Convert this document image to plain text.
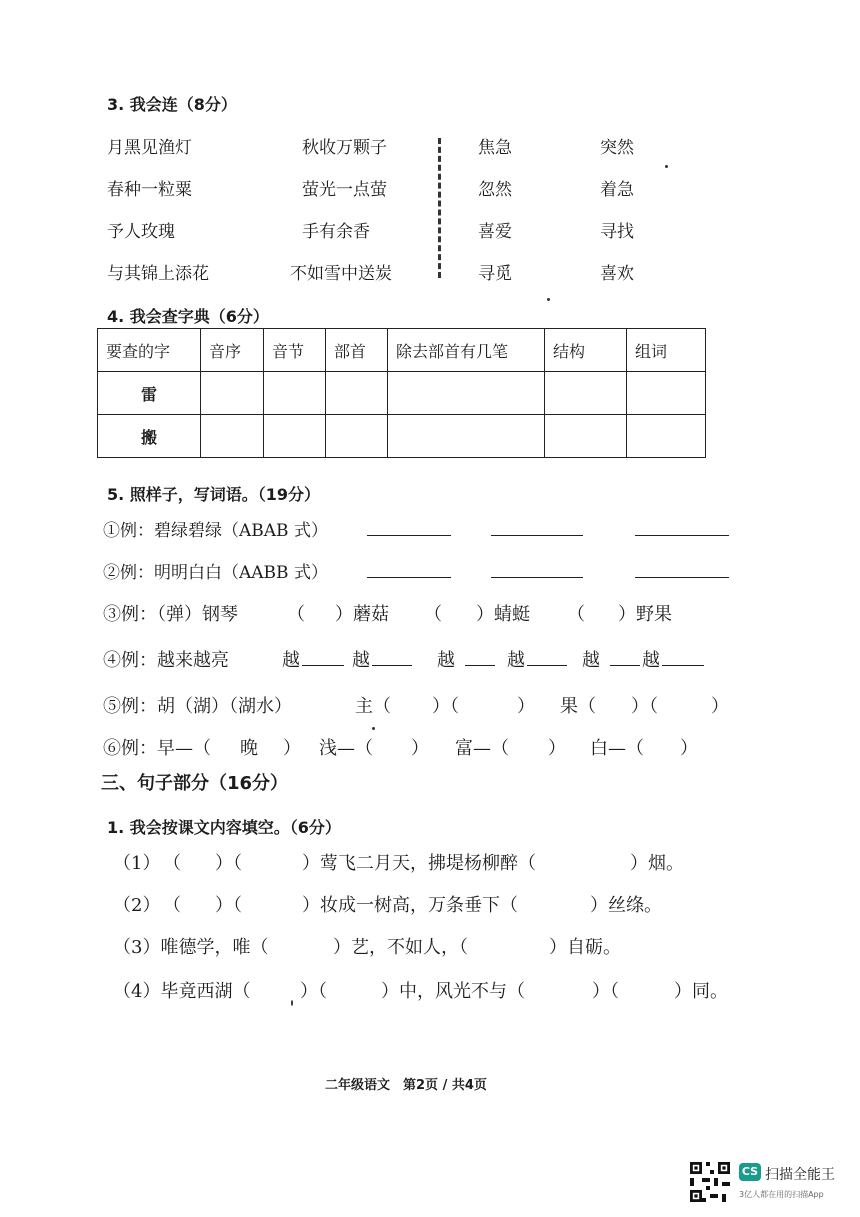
3. 我会连（8分）
月黑见渔灯
春种一粒粟
予人玫瑰
与其锦上添花
秋收万颗子
萤光一点萤
手有余香
不如雪中送炭
焦急
忽然
喜爱
寻觅
突然
着急
寻找
喜欢
4. 我会查字典（6分）
要查的字	音序	音节	部首	除去部首有几笔	结构	组词
雷						
搬						
5. 照样子，写词语。（19分）
①例：碧绿碧绿（ABAB 式）
②例：明明白白（AABB 式）
③例：（弹）钢琴	（ ）蘑菇 （ ）蜻蜓 （ ）野果
④例：越来越亮	越	越	越	越	越 越
⑤例：胡（湖）（湖水）	主（ ）（	） 果（ ）（	）
⑥例：早—（ 晚 ） 浅—（ ） 富—（ ） 白—（ ）
三、句子部分（16分）
1. 我会按课文内容填空。（6分）
（1） （ ）（	）莺飞二月天，拂堤杨柳醉（	）烟。
（2） （ ）（	）妆成一树高，万条垂下（	）丝绦。
（3）唯德学，唯（	）艺，不如人，（	）自砺。
（4）毕竟西湖（	）（	）中，风光不与（	）（	）同。
二年级语文　第2页 / 共4页
CS 扫描全能王
3亿人都在用的扫描App
